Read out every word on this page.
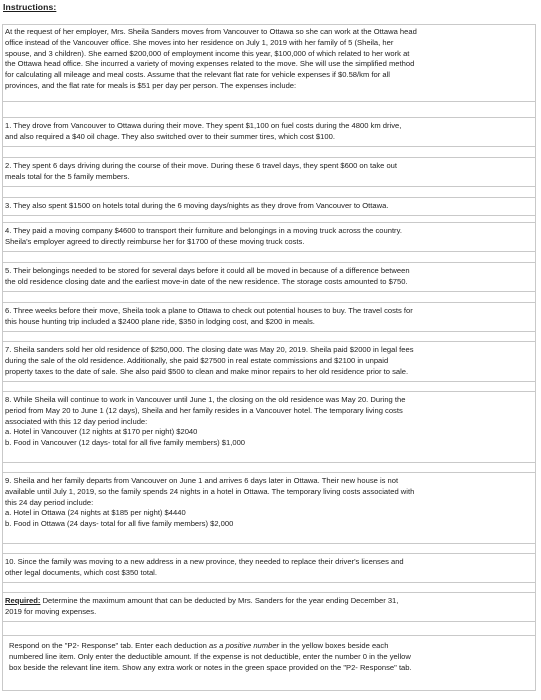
Instructions:
At the request of her employer, Mrs. Sheila Sanders moves from Vancouver to Ottawa so she can work at the Ottawa head
office instead of the Vancouver office. She moves into her residence on July 1, 2019 with her family of 5 (Sheila, her
spouse, and 3 children). She earned $200,000 of employment income this year, $100,000 of which related to her work at
the Ottawa head office. She incurred a variety of moving expenses related to the move. She will use the simplified method
for calculating all mileage and meal costs. Assume that the relevant flat rate for vehicle expenses if $0.58/km for all
provinces, and the flat rate for meals is $51 per day per person. The expenses include:
1. They drove from Vancouver to Ottawa during their move. They spent $1,100 on fuel costs during the 4800 km drive,
and also required a $40 oil chage. They also switched over to their summer tires, which cost $100.
2. They spent 6 days driving during the course of their move. During these 6 travel days, they spent $600 on take out
meals total for the 5 family members.
3. They also spent $1500 on hotels total during the 6 moving days/nights as they drove from Vancouver to Ottawa.
4. They paid a moving company $4600 to transport their furniture and belongings in a moving truck across the country.
Sheila's employer agreed to directly reimburse her for $1700 of these moving truck costs.
5. Their belongings needed to be stored for several days before it could all be moved in because of a difference between
the old residence closing date and the earliest move-in date of the new residence. The storage costs amounted to $750.
6. Three weeks before their move, Sheila took a plane to Ottawa to check out potential houses to buy. The travel costs for
this house hunting trip included a $2400 plane ride, $350 in lodging cost, and $200 in meals.
7. Sheila sanders sold her old residence of $250,000. The closing date was May 20, 2019. Sheila paid $2000 in legal fees
during the sale of the old residence. Additionally, she paid $27500 in real estate commissions and $2100 in unpaid
property taxes to the date of sale. She also paid $500 to clean and make minor repairs to her old residence prior to sale.
8. While Sheila will continue to work in Vancouver until June 1, the closing on the old residence was May 20. During the
period from May 20 to June 1 (12 days), Sheila and her family resides in a Vancouver hotel. The temporary living costs
associated with this 12 day period include:
a. Hotel in Vancouver (12 nights at $170 per night) $2040
b. Food in Vancouver (12 days- total for all five family members) $1,000
9. Sheila and her family departs from Vancouver on June 1 and arrives 6 days later in Ottawa. Their new house is not
available until July 1, 2019, so the family spends 24 nights in a hotel in Ottawa. The temporary living costs associated with
this 24 day period include:
a. Hotel in Ottawa (24 nights at $185 per night) $4440
b. Food in Ottawa (24 days- total for all five family members) $2,000
10. Since the family was moving to a new address in a new province, they needed to replace their driver's licenses and
other legal documents, which cost $350 total.
Required: Determine the maximum amount that can be deducted by Mrs. Sanders for the year ending December 31,
2019 for moving expenses.
Respond on the "P2- Response" tab. Enter each deduction as a positive number in the yellow boxes beside each
numbered line item. Only enter the deductible amount. If the expense is not deductible, enter the number 0 in the yellow
box beside the relevant line item. Show any extra work or notes in the green space provided on the "P2- Response" tab.
